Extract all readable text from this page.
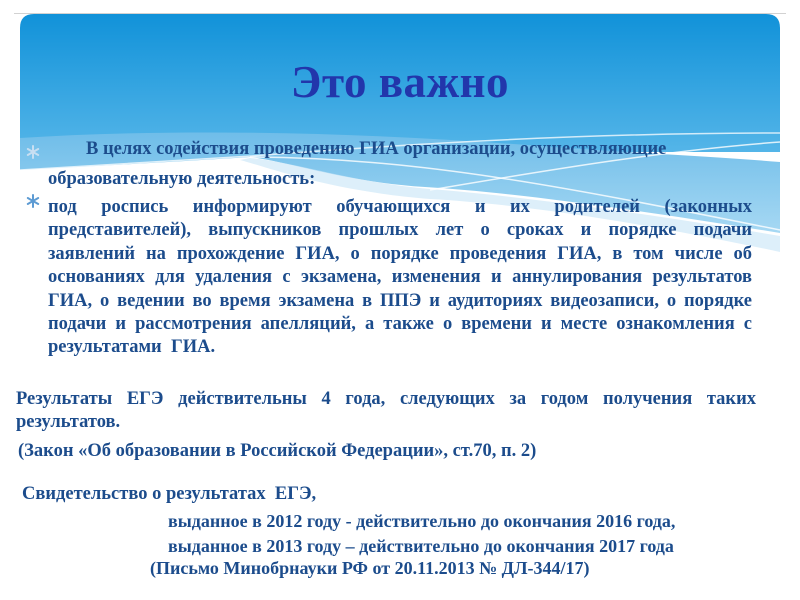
Это важно
В целях содействия проведению ГИА организации, осуществляющие
образовательную деятельность:
под роспись информируют обучающихся и их родителей (законных
представителей), выпускников прошлых лет о сроках и порядке подачи
заявлений на прохождение ГИА, о порядке проведения ГИА, в том числе об
основаниях для удаления с экзамена, изменения и аннулирования результатов
ГИА, о ведении во время экзамена в ППЭ и аудиториях видеозаписи, о порядке
подачи и рассмотрения апелляций, а также о времени и месте ознакомления с
результатами  ГИА.
Результаты ЕГЭ действительны 4 года, следующих за годом получения таких
результатов.
(Закон «Об образовании в Российской Федерации», ст.70, п. 2)
Свидетельство о результатах  ЕГЭ,
выданное в 2012 году - действительно до окончания 2016 года,
выданное в 2013 году – действительно до окончания 2017 года
(Письмо Минобрнауки РФ от 20.11.2013 № ДЛ-344/17)
